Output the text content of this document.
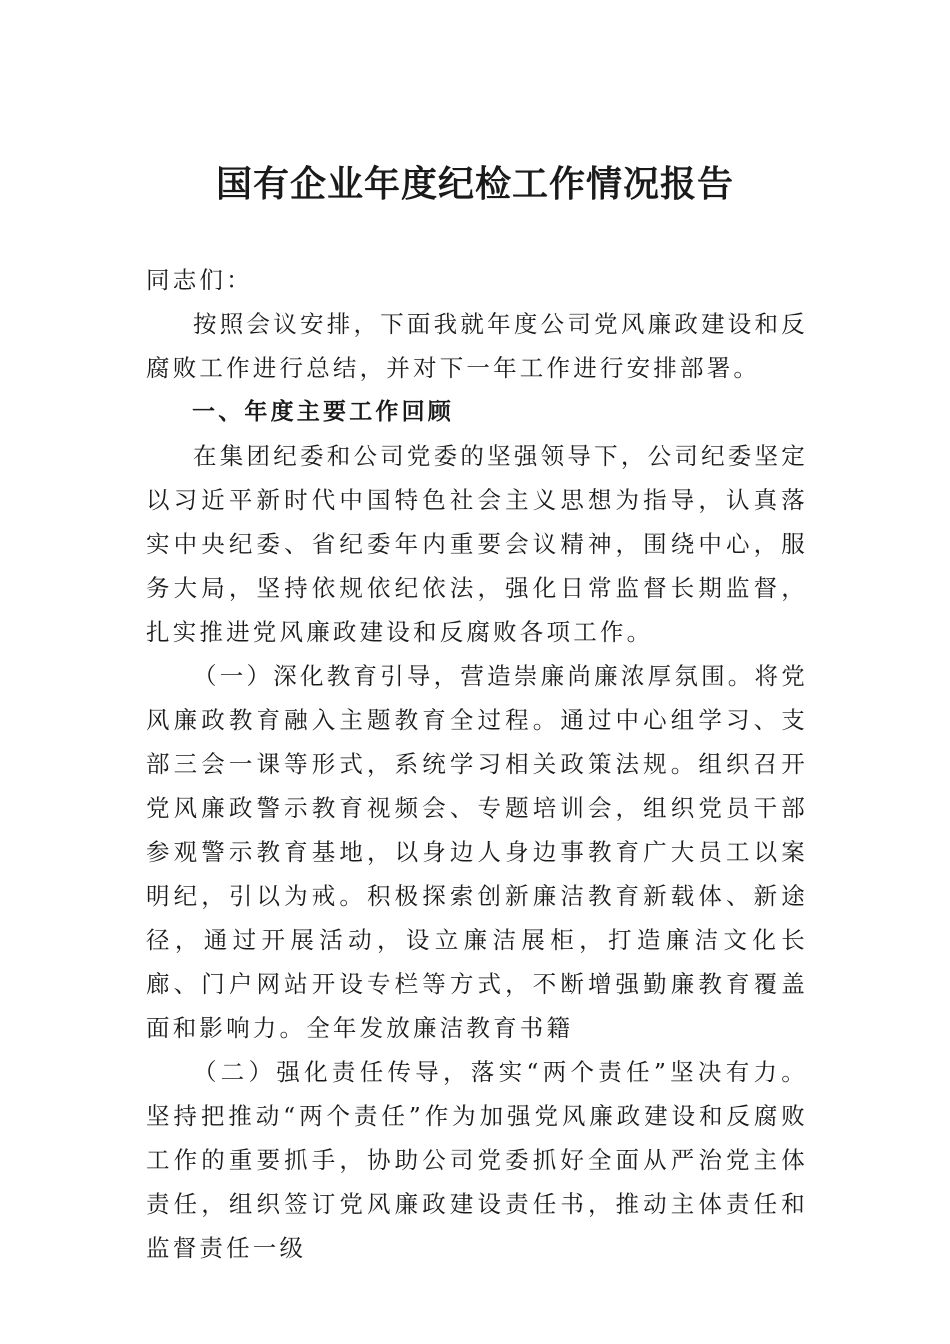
国有企业年度纪检工作情况报告

同志们：

按照会议安排，下面我就年度公司党风廉政建设和反腐败工作进行总结，并对下一年工作进行安排部署。

一、年度主要工作回顾

在集团纪委和公司党委的坚强领导下，公司纪委坚定以习近平新时代中国特色社会主义思想为指导，认真落实中央纪委、省纪委年内重要会议精神，围绕中心，服务大局，坚持依规依纪依法，强化日常监督长期监督，扎实推进党风廉政建设和反腐败各项工作。

（一）深化教育引导，营造崇廉尚廉浓厚氛围。将党风廉政教育融入主题教育全过程。通过中心组学习、支部三会一课等形式，系统学习相关政策法规。组织召开党风廉政警示教育视频会、专题培训会，组织党员干部参观警示教育基地，以身边人身边事教育广大员工以案明纪，引以为戒。积极探索创新廉洁教育新载体、新途径，通过开展活动，设立廉洁展柜，打造廉洁文化长廊、门户网站开设专栏等方式，不断增强勤廉教育覆盖面和影响力。全年发放廉洁教育书籍

（二）强化责任传导，落实“两个责任”坚决有力。坚持把推动“两个责任”作为加强党风廉政建设和反腐败工作的重要抓手，协助公司党委抓好全面从严治党主体责任，组织签订党风廉政建设责任书，推动主体责任和监督责任一级
